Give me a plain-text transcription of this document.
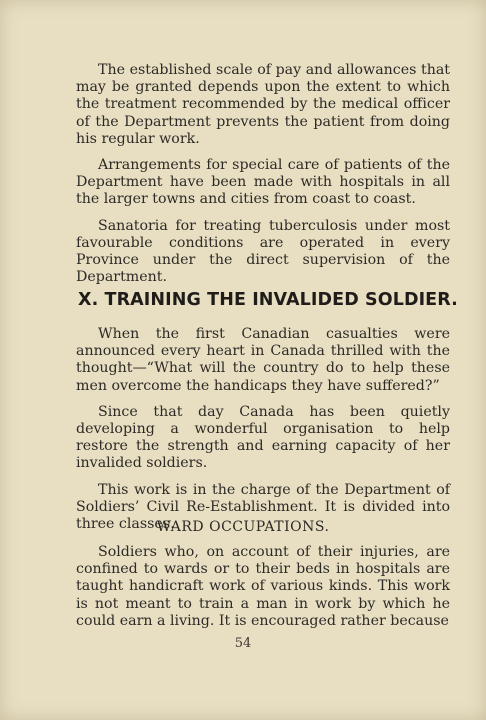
The established scale of pay and allowances that may be granted depends upon the extent to which the treatment recommended by the medical officer of the Department prevents the patient from doing his regular work.

Arrangements for special care of patients of the Department have been made with hospitals in all the larger towns and cities from coast to coast.

Sanatoria for treating tuberculosis under most favourable conditions are operated in every Province under the direct supervision of the Department.

X. TRAINING THE INVALIDED SOLDIER.

When the first Canadian casualties were announced every heart in Canada thrilled with the thought—“What will the country do to help these men overcome the handicaps they have suffered?”

Since that day Canada has been quietly developing a wonderful organisation to help restore the strength and earning capacity of her invalided soldiers.

This work is in the charge of the Department of Soldiers’ Civil Re-Establishment. It is divided into three classes.

WARD OCCUPATIONS.

Soldiers who, on account of their injuries, are confined to wards or to their beds in hospitals are taught handicraft work of various kinds. This work is not meant to train a man in work by which he could earn a living. It is encouraged rather because

54
